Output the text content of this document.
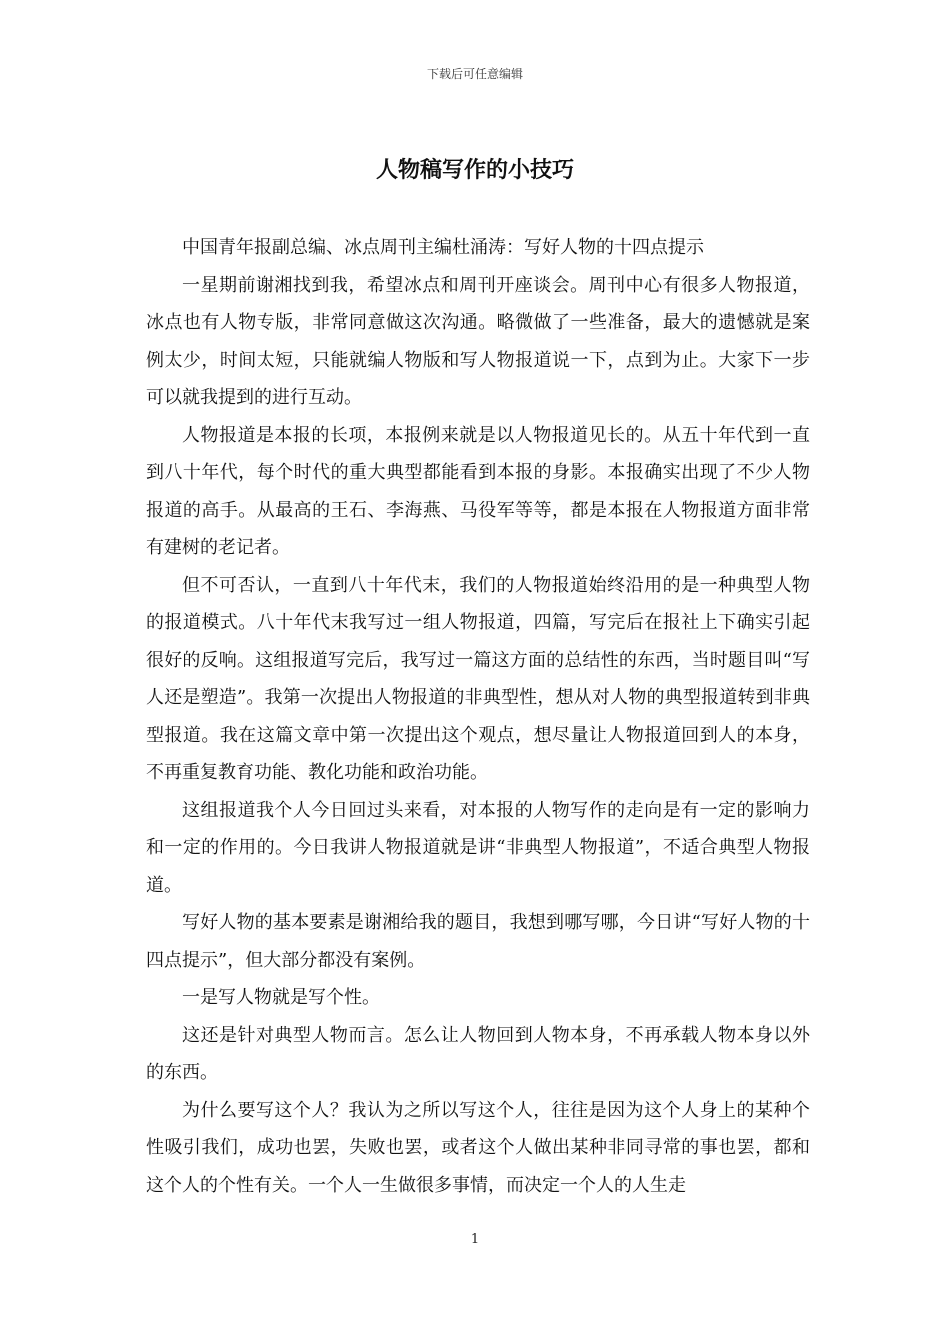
下载后可任意编辑
人物稿写作的小技巧

中国青年报副总编、冰点周刊主编杜涌涛：写好人物的十四点提示

一星期前谢湘找到我，希望冰点和周刊开座谈会。周刊中心有很多人物报道，冰点也有人物专版，非常同意做这次沟通。略微做了一些准备，最大的遗憾就是案例太少，时间太短，只能就编人物版和写人物报道说一下，点到为止。大家下一步可以就我提到的进行互动。

人物报道是本报的长项，本报例来就是以人物报道见长的。从五十年代到一直到八十年代，每个时代的重大典型都能看到本报的身影。本报确实出现了不少人物报道的高手。从最高的王石、李海燕、马役军等等，都是本报在人物报道方面非常有建树的老记者。

但不可否认，一直到八十年代末，我们的人物报道始终沿用的是一种典型人物的报道模式。八十年代末我写过一组人物报道，四篇，写完后在报社上下确实引起很好的反响。这组报道写完后，我写过一篇这方面的总结性的东西，当时题目叫“写人还是塑造”。我第一次提出人物报道的非典型性，想从对人物的典型报道转到非典型报道。我在这篇文章中第一次提出这个观点，想尽量让人物报道回到人的本身，不再重复教育功能、教化功能和政治功能。

这组报道我个人今日回过头来看，对本报的人物写作的走向是有一定的影响力和一定的作用的。今日我讲人物报道就是讲“非典型人物报道”，不适合典型人物报道。

写好人物的基本要素是谢湘给我的题目，我想到哪写哪，今日讲“写好人物的十四点提示”，但大部分都没有案例。

一是写人物就是写个性。

这还是针对典型人物而言。怎么让人物回到人物本身，不再承载人物本身以外的东西。

为什么要写这个人？我认为之所以写这个人，往往是因为这个人身上的某种个性吸引我们，成功也罢，失败也罢，或者这个人做出某种非同寻常的事也罢，都和这个人的个性有关。一个人一生做很多事情，而决定一个人的人生走

1
